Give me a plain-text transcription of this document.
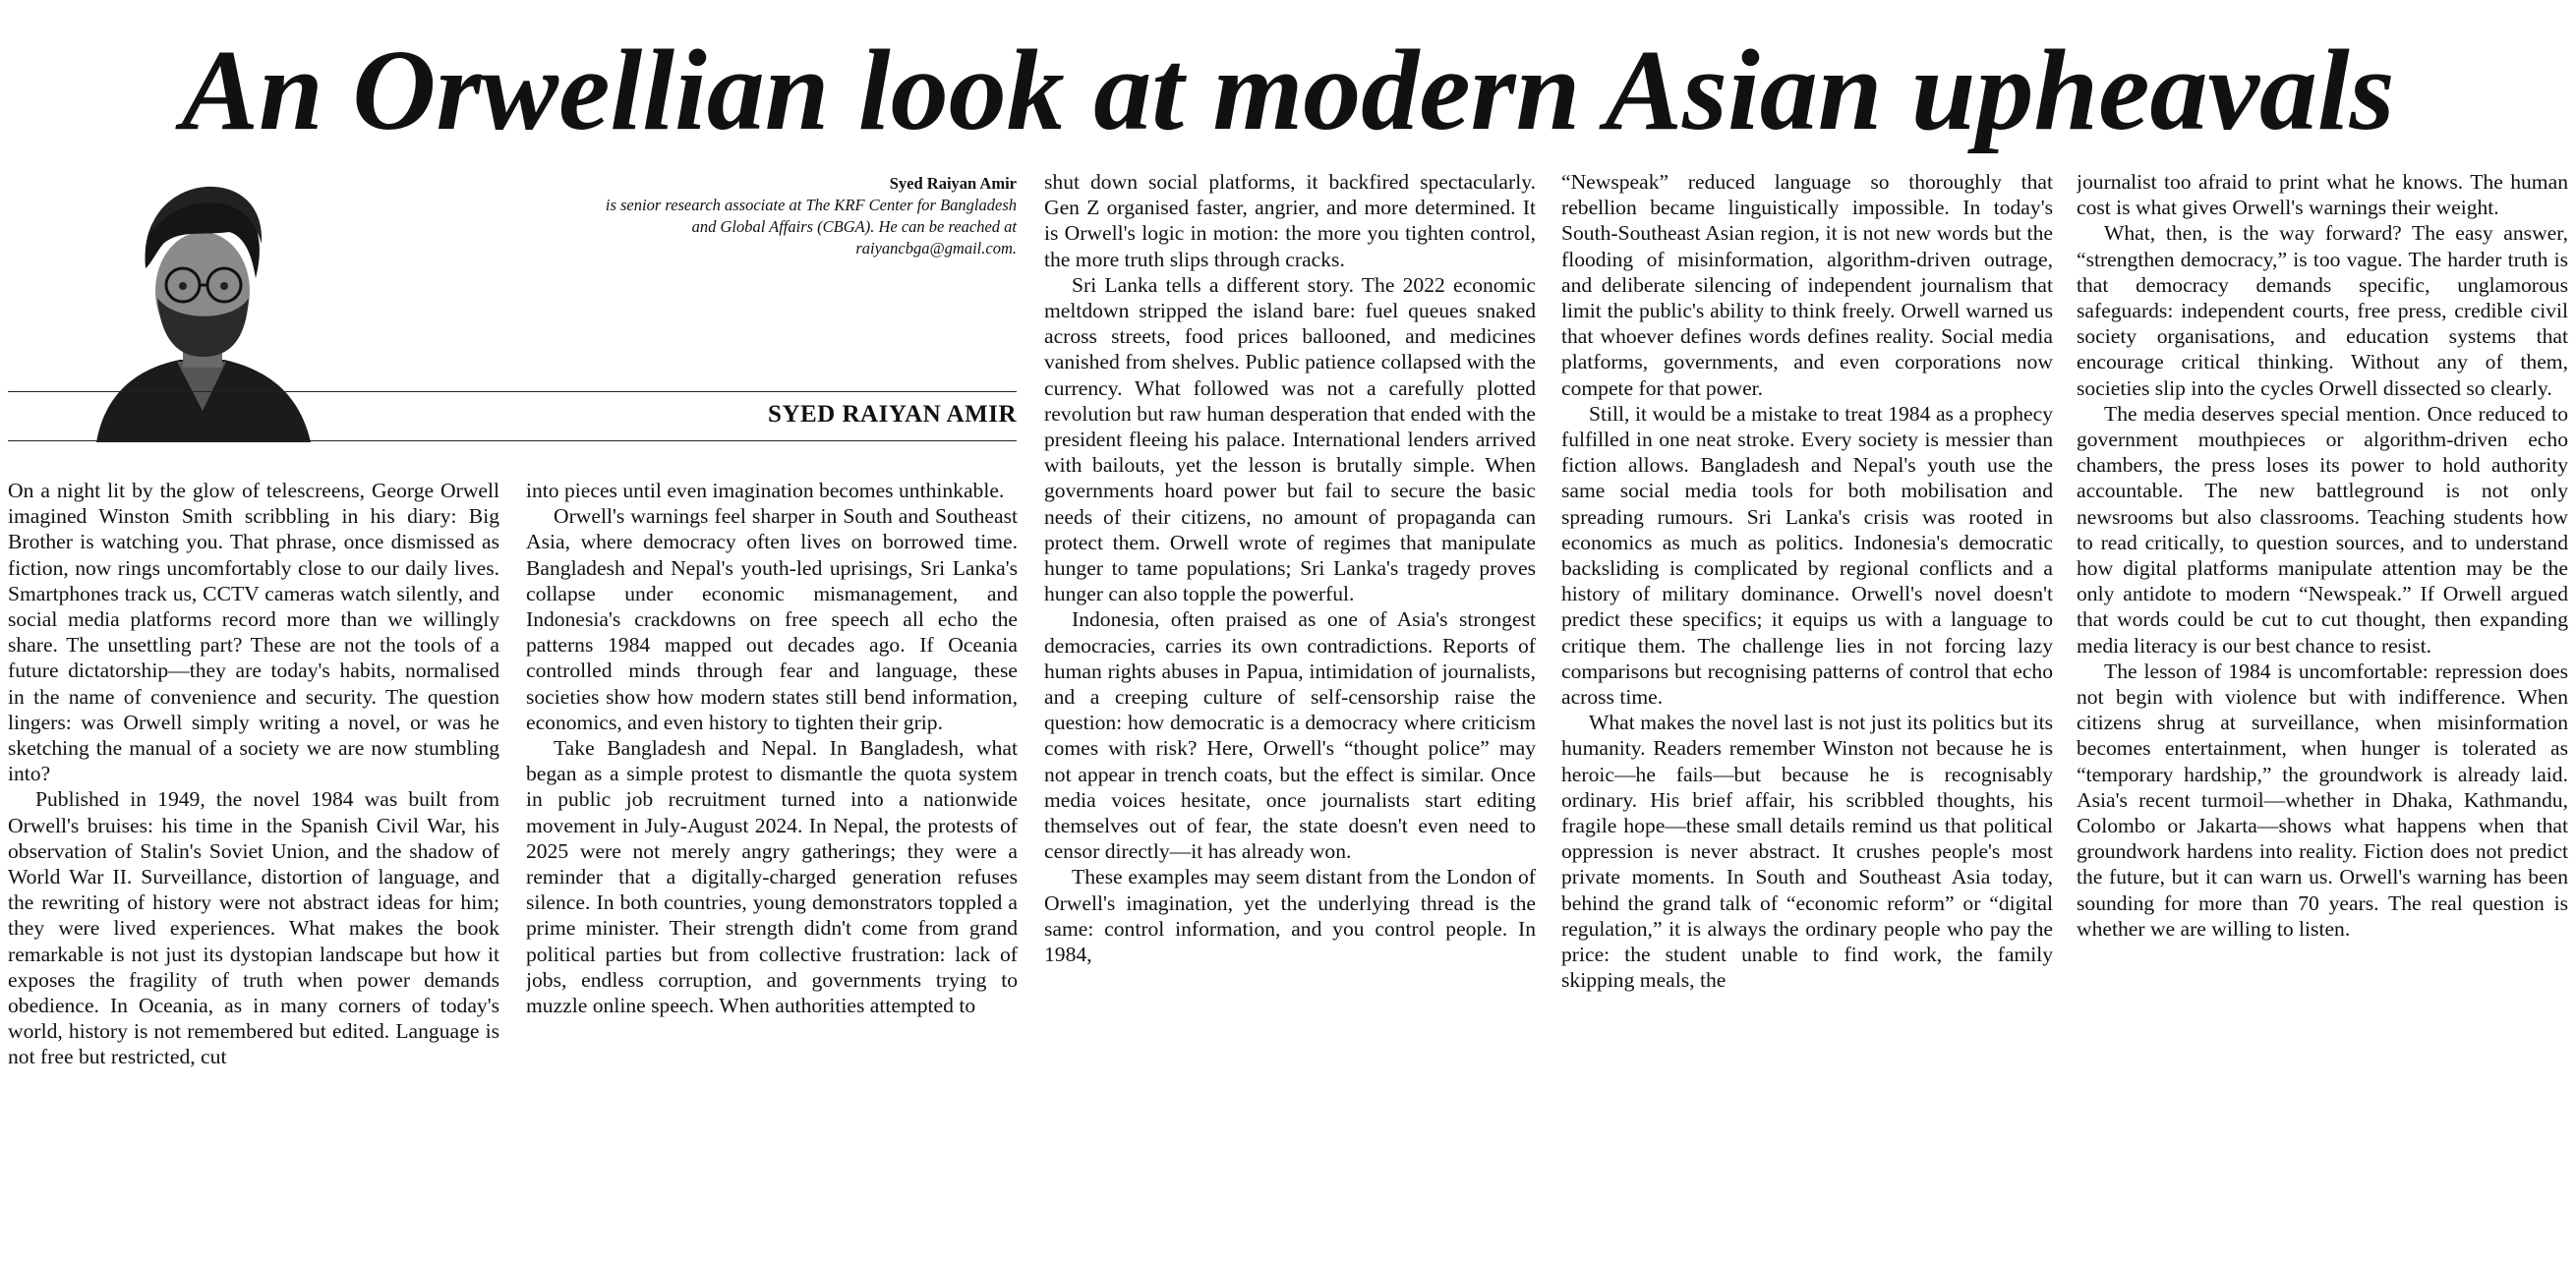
An Orwellian look at modern Asian upheavals
Syed Raiyan Amir
is senior research associate at The KRF Center for Bangladesh and Global Affairs (CBGA). He can be reached at raiyancbga@gmail.com.
SYED RAIYAN AMIR

On a night lit by the glow of telescreens, George Orwell imagined Winston Smith scribbling in his diary: Big Brother is watching you. That phrase, once dismissed as fiction, now rings uncomfortably close to our daily lives. Smartphones track us, CCTV cameras watch silently, and social media platforms record more than we willingly share. The unsettling part? These are not the tools of a future dictatorship—they are today's habits, normalised in the name of convenience and security. The question lingers: was Orwell simply writing a novel, or was he sketching the manual of a society we are now stumbling into?

Published in 1949, the novel 1984 was built from Orwell's bruises: his time in the Spanish Civil War, his observation of Stalin's Soviet Union, and the shadow of World War II. Surveillance, distortion of language, and the rewriting of history were not abstract ideas for him; they were lived experiences. What makes the book remarkable is not just its dystopian landscape but how it exposes the fragility of truth when power demands obedience. In Oceania, as in many corners of today's world, history is not remembered but edited. Language is not free but restricted, cut

into pieces until even imagination becomes unthinkable.

Orwell's warnings feel sharper in South and Southeast Asia, where democracy often lives on borrowed time. Bangladesh and Nepal's youth-led uprisings, Sri Lanka's collapse under economic mismanagement, and Indonesia's crackdowns on free speech all echo the patterns 1984 mapped out decades ago. If Oceania controlled minds through fear and language, these societies show how modern states still bend information, economics, and even history to tighten their grip.

Take Bangladesh and Nepal. In Bangladesh, what began as a simple protest to dismantle the quota system in public job recruitment turned into a nationwide movement in July-August 2024. In Nepal, the protests of 2025 were not merely angry gatherings; they were a reminder that a digitally-charged generation refuses silence. In both countries, young demonstrators toppled a prime minister. Their strength didn't come from grand political parties but from collective frustration: lack of jobs, endless corruption, and governments trying to muzzle online speech. When authorities attempted to

shut down social platforms, it backfired spectacularly. Gen Z organised faster, angrier, and more determined. It is Orwell's logic in motion: the more you tighten control, the more truth slips through cracks.

Sri Lanka tells a different story. The 2022 economic meltdown stripped the island bare: fuel queues snaked across streets, food prices ballooned, and medicines vanished from shelves. Public patience collapsed with the currency. What followed was not a carefully plotted revolution but raw human desperation that ended with the president fleeing his palace. International lenders arrived with bailouts, yet the lesson is brutally simple. When governments hoard power but fail to secure the basic needs of their citizens, no amount of propaganda can protect them. Orwell wrote of regimes that manipulate hunger to tame populations; Sri Lanka's tragedy proves hunger can also topple the powerful.

Indonesia, often praised as one of Asia's strongest democracies, carries its own contradictions. Reports of human rights abuses in Papua, intimidation of journalists, and a creeping culture of self-censorship raise the question: how democratic is a democracy where criticism comes with risk? Here, Orwell's “thought police” may not appear in trench coats, but the effect is similar. Once media voices hesitate, once journalists start editing themselves out of fear, the state doesn't even need to censor directly—it has already won.

These examples may seem distant from the London of Orwell's imagination, yet the underlying thread is the same: control information, and you control people. In 1984,

“Newspeak” reduced language so thoroughly that rebellion became linguistically impossible. In today's South-Southeast Asian region, it is not new words but the flooding of misinformation, algorithm-driven outrage, and deliberate silencing of independent journalism that limit the public's ability to think freely. Orwell warned us that whoever defines words defines reality. Social media platforms, governments, and even corporations now compete for that power.

Still, it would be a mistake to treat 1984 as a prophecy fulfilled in one neat stroke. Every society is messier than fiction allows. Bangladesh and Nepal's youth use the same social media tools for both mobilisation and spreading rumours. Sri Lanka's crisis was rooted in economics as much as politics. Indonesia's democratic backsliding is complicated by regional conflicts and a history of military dominance. Orwell's novel doesn't predict these specifics; it equips us with a language to critique them. The challenge lies in not forcing lazy comparisons but recognising patterns of control that echo across time.

What makes the novel last is not just its politics but its humanity. Readers remember Winston not because he is heroic—he fails—but because he is recognisably ordinary. His brief affair, his scribbled thoughts, his fragile hope—these small details remind us that political oppression is never abstract. It crushes people's most private moments. In South and Southeast Asia today, behind the grand talk of “economic reform” or “digital regulation,” it is always the ordinary people who pay the price: the student unable to find work, the family skipping meals, the

journalist too afraid to print what he knows. The human cost is what gives Orwell's warnings their weight.

What, then, is the way forward? The easy answer, “strengthen democracy,” is too vague. The harder truth is that democracy demands specific, unglamorous safeguards: independent courts, free press, credible civil society organisations, and education systems that encourage critical thinking. Without any of them, societies slip into the cycles Orwell dissected so clearly.

The media deserves special mention. Once reduced to government mouthpieces or algorithm-driven echo chambers, the press loses its power to hold authority accountable. The new battleground is not only newsrooms but also classrooms. Teaching students how to read critically, to question sources, and to understand how digital platforms manipulate attention may be the only antidote to modern “Newspeak.” If Orwell argued that words could be cut to cut thought, then expanding media literacy is our best chance to resist.

The lesson of 1984 is uncomfortable: repression does not begin with violence but with indifference. When citizens shrug at surveillance, when misinformation becomes entertainment, when hunger is tolerated as “temporary hardship,” the groundwork is already laid. Asia's recent turmoil—whether in Dhaka, Kathmandu, Colombo or Jakarta—shows what happens when that groundwork hardens into reality. Fiction does not predict the future, but it can warn us. Orwell's warning has been sounding for more than 70 years. The real question is whether we are willing to listen.
